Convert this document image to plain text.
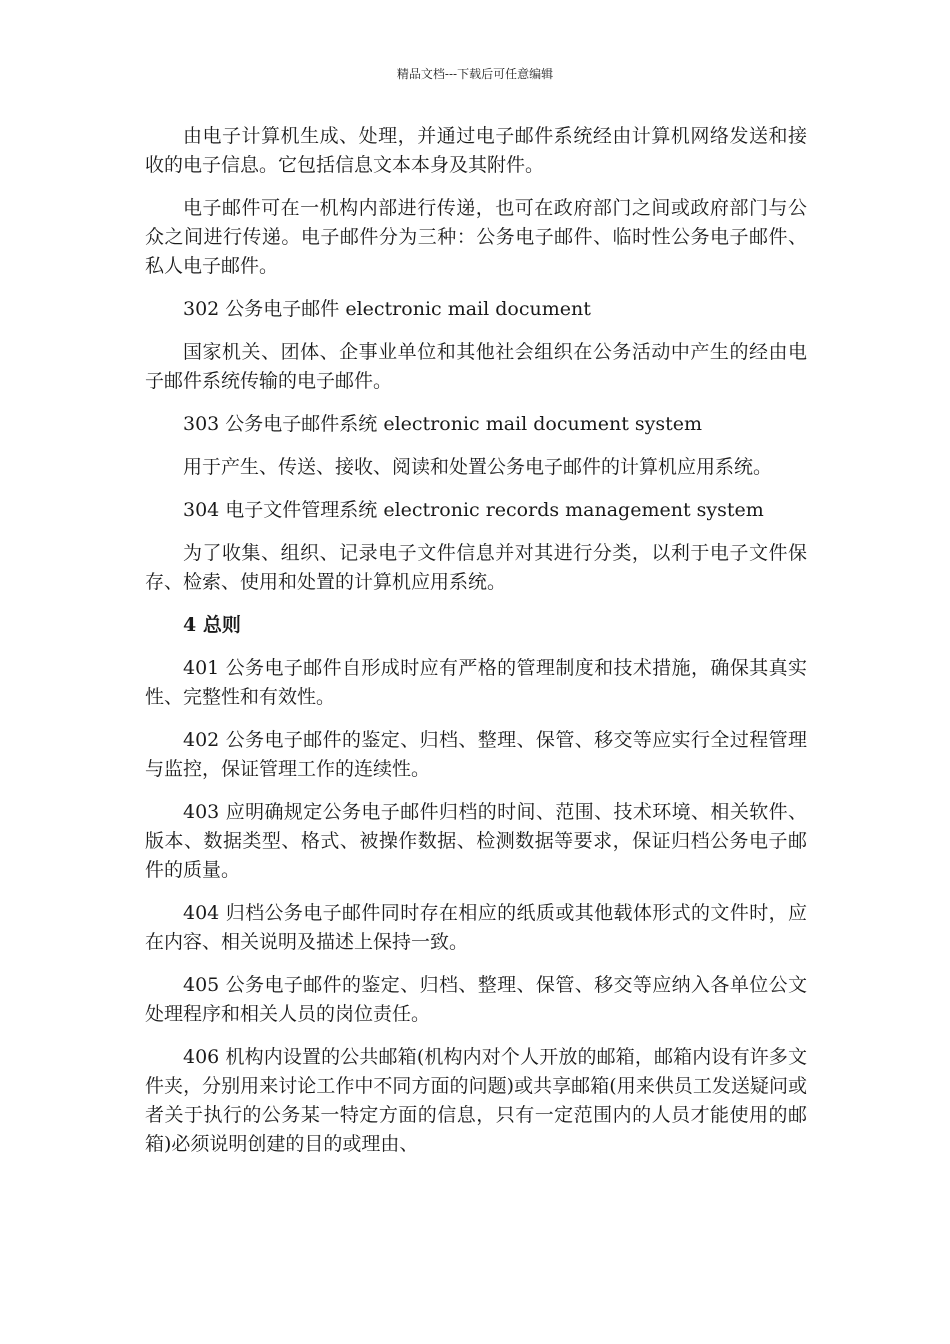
精品文档---下载后可任意编辑

由电子计算机生成、处理，并通过电子邮件系统经由计算机网络发送和接收的电子信息。它包括信息文本本身及其附件。

电子邮件可在一机构内部进行传递，也可在政府部门之间或政府部门与公众之间进行传递。电子邮件分为三种：公务电子邮件、临时性公务电子邮件、私人电子邮件。

302 公务电子邮件 electronic mail document

国家机关、团体、企事业单位和其他社会组织在公务活动中产生的经由电子邮件系统传输的电子邮件。

303 公务电子邮件系统 electronic mail document system

用于产生、传送、接收、阅读和处置公务电子邮件的计算机应用系统。

304 电子文件管理系统 electronic records management system

为了收集、组织、记录电子文件信息并对其进行分类，以利于电子文件保存、检索、使用和处置的计算机应用系统。

4 总则

401 公务电子邮件自形成时应有严格的管理制度和技术措施，确保其真实性、完整性和有效性。

402 公务电子邮件的鉴定、归档、整理、保管、移交等应实行全过程管理与监控，保证管理工作的连续性。

403 应明确规定公务电子邮件归档的时间、范围、技术环境、相关软件、版本、数据类型、格式、被操作数据、检测数据等要求，保证归档公务电子邮件的质量。

404 归档公务电子邮件同时存在相应的纸质或其他载体形式的文件时，应在内容、相关说明及描述上保持一致。

405 公务电子邮件的鉴定、归档、整理、保管、移交等应纳入各单位公文处理程序和相关人员的岗位责任。

406 机构内设置的公共邮箱(机构内对个人开放的邮箱，邮箱内设有许多文件夹，分别用来讨论工作中不同方面的问题)或共享邮箱(用来供员工发送疑问或者关于执行的公务某一特定方面的信息，只有一定范围内的人员才能使用的邮箱)必须说明创建的目的或理由、
